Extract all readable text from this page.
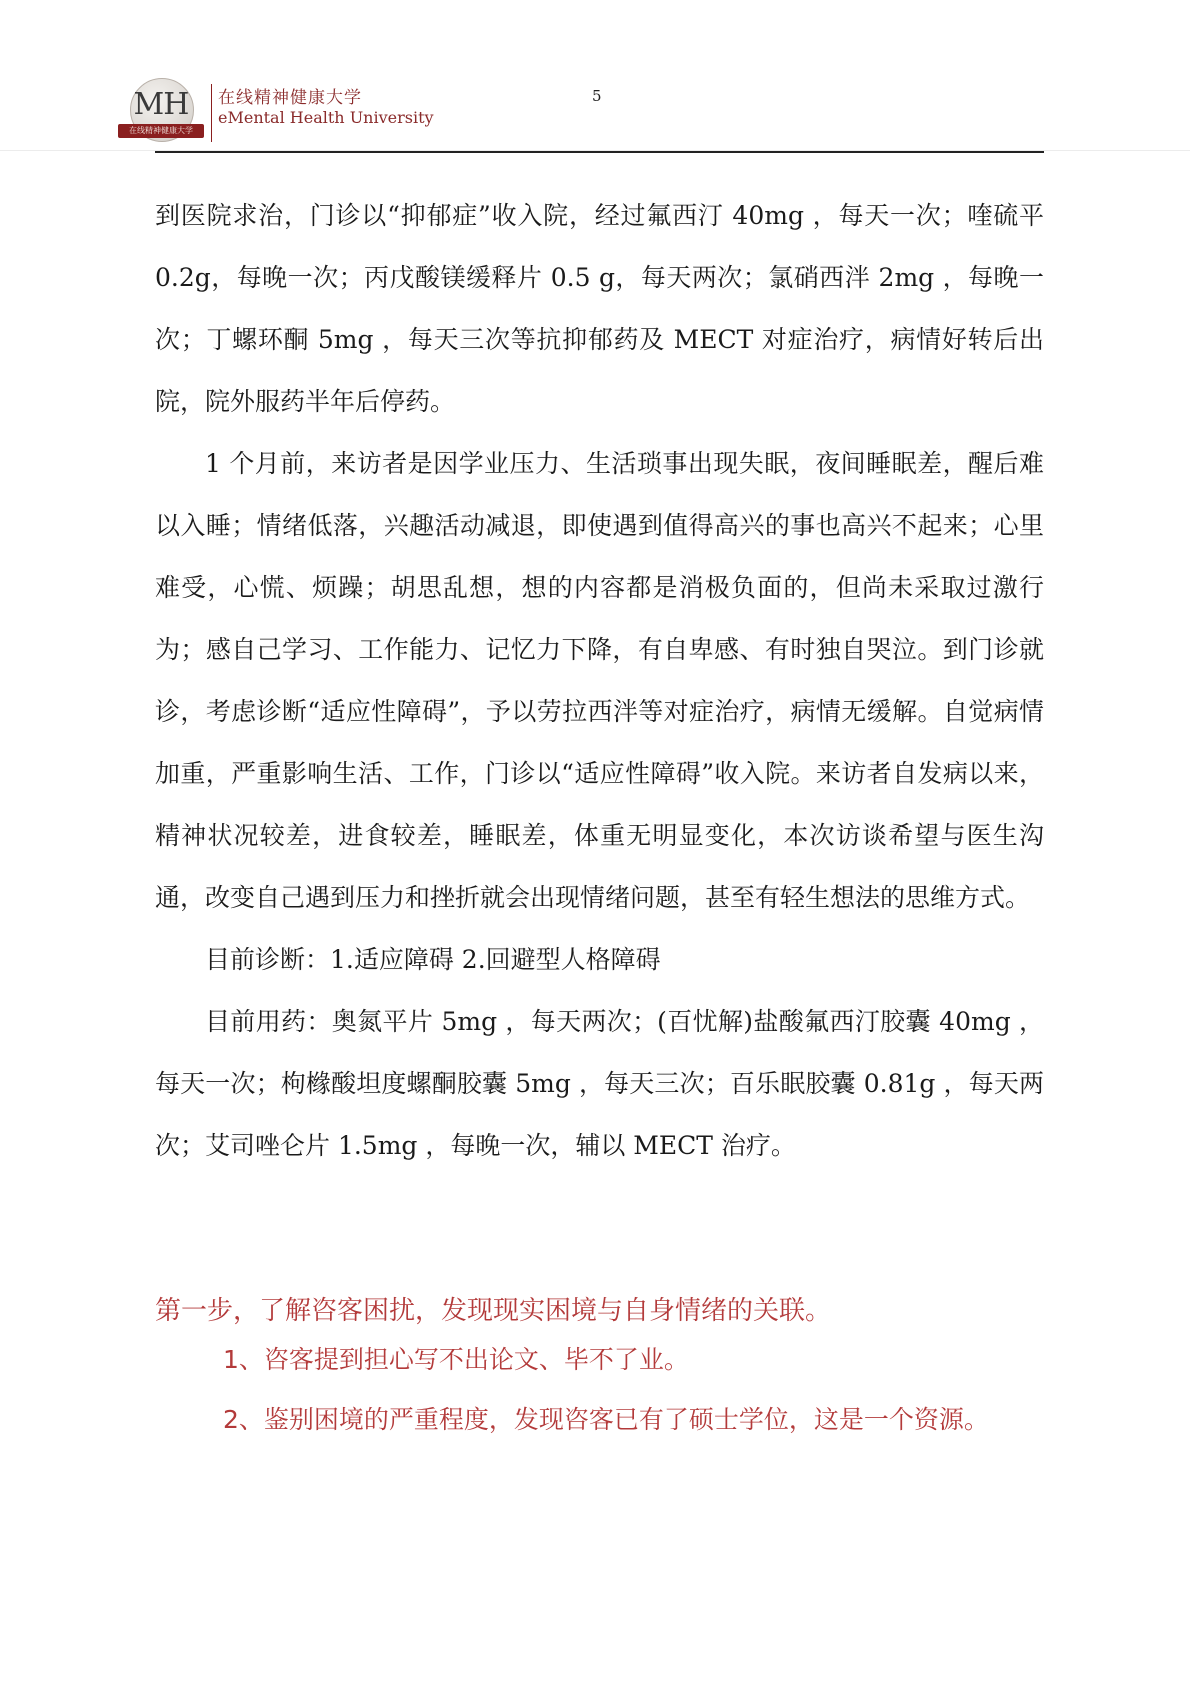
MH
在线精神健康大学
在线精神健康大学
eMental Health University
5

到医院求治，门诊以“抑郁症”收入院，经过氟西汀 40mg ，每天一次；喹硫平 0.2g，每晚一次；丙戊酸镁缓释片 0.5 g，每天两次；氯硝西泮 2mg ，每晚一次；丁螺环酮 5mg ，每天三次等抗抑郁药及 MECT 对症治疗，病情好转后出院，院外服药半年后停药。

1 个月前，来访者是因学业压力、生活琐事出现失眠，夜间睡眠差，醒后难以入睡；情绪低落，兴趣活动减退，即使遇到值得高兴的事也高兴不起来；心里难受，心慌、烦躁；胡思乱想，想的内容都是消极负面的，但尚未采取过激行为；感自己学习、工作能力、记忆力下降，有自卑感、有时独自哭泣。到门诊就诊，考虑诊断“适应性障碍”，予以劳拉西泮等对症治疗，病情无缓解。自觉病情加重，严重影响生活、工作，门诊以“适应性障碍”收入院。来访者自发病以来，精神状况较差，进食较差，睡眠差，体重无明显变化，本次访谈希望与医生沟通，改变自己遇到压力和挫折就会出现情绪问题，甚至有轻生想法的思维方式。

目前诊断：1.适应障碍 2.回避型人格障碍

目前用药：奥氮平片 5mg ，每天两次；(百忧解)盐酸氟西汀胶囊 40mg ，每天一次；枸橼酸坦度螺酮胶囊 5mg ，每天三次；百乐眠胶囊 0.81g ，每天两次；艾司唑仑片 1.5mg ，每晚一次，辅以 MECT 治疗。

第一步，了解咨客困扰，发现现实困境与自身情绪的关联。

1、咨客提到担心写不出论文、毕不了业。

2、鉴别困境的严重程度，发现咨客已有了硕士学位，这是一个资源。
